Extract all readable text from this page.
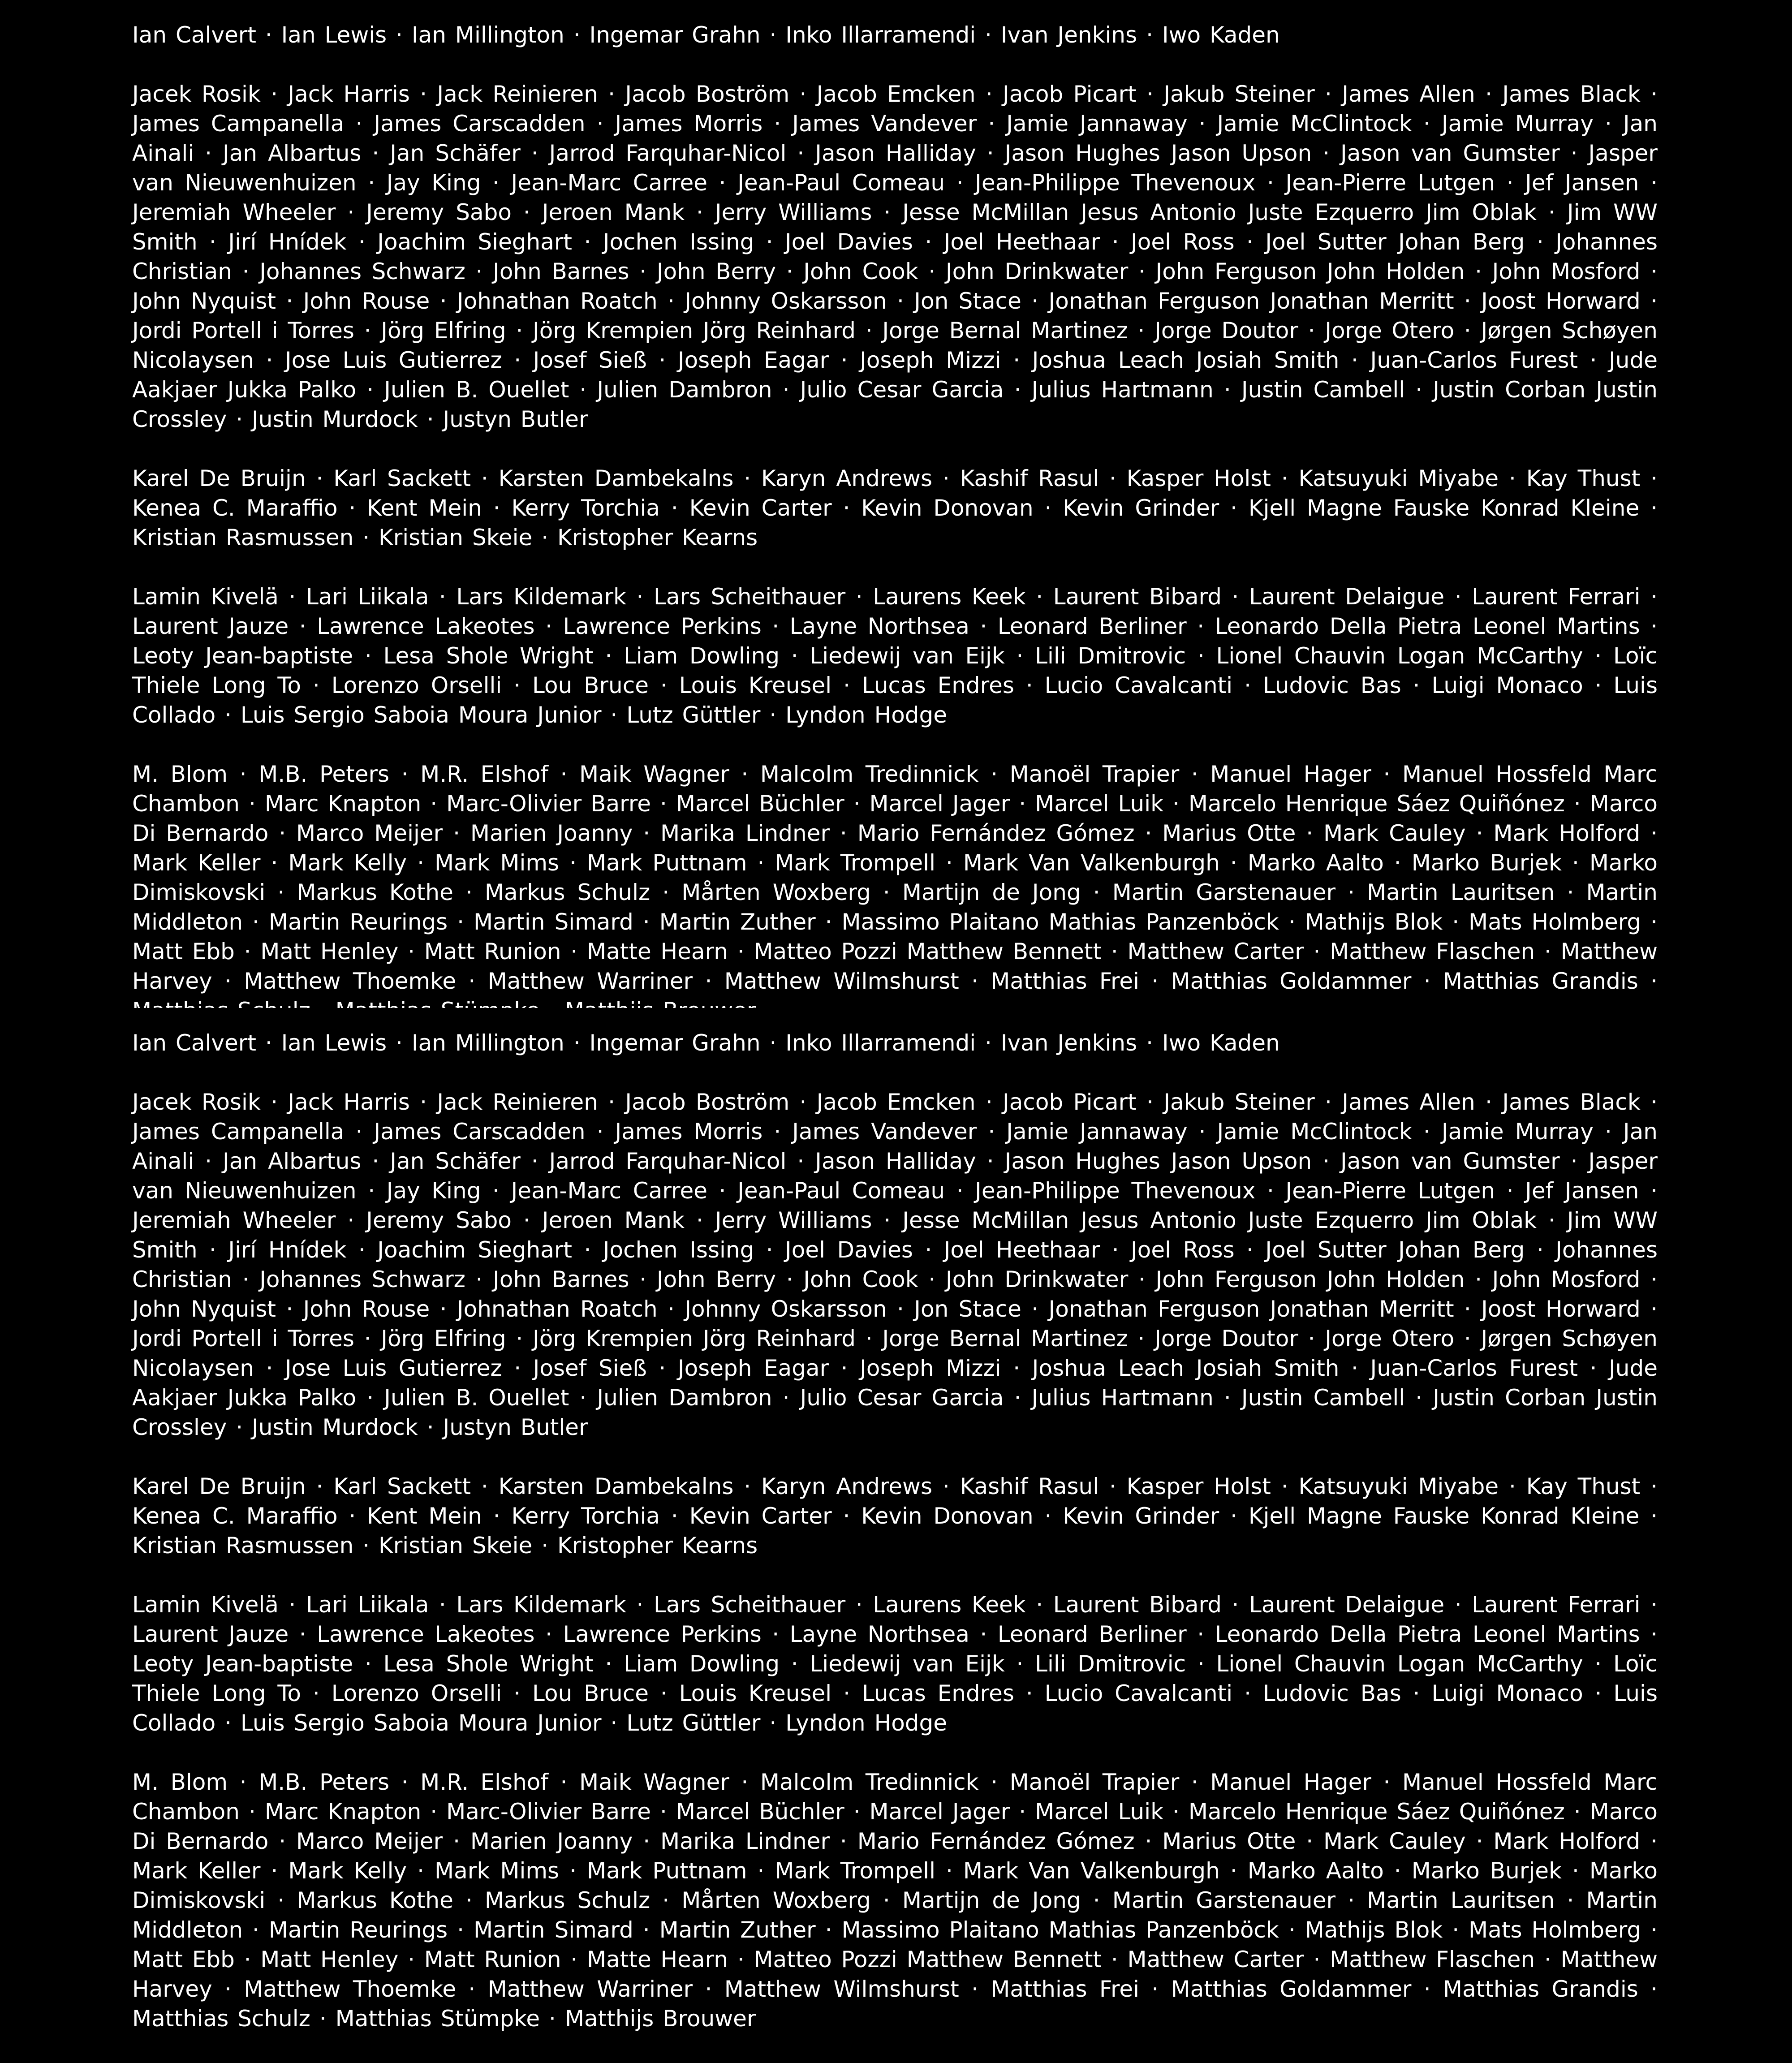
Ian Calvert · Ian Lewis · Ian Millington · Ingemar Grahn · Inko Illarramendi · Ivan Jenkins · Iwo Kaden

Jacek Rosik · Jack Harris · Jack Reinieren · Jacob Boström · Jacob Emcken · Jacob Picart · Jakub Steiner · James Allen · James Black · James Campanella · James Carscadden · James Morris · James Vandever · Jamie Jannaway · Jamie McClintock · Jamie Murray · Jan Ainali · Jan Albartus · Jan Schäfer · Jarrod Farquhar-Nicol · Jason Halliday · Jason Hughes Jason Upson · Jason van Gumster · Jasper van Nieuwenhuizen · Jay King · Jean-Marc Carree · Jean-Paul Comeau · Jean-Philippe Thevenoux · Jean-Pierre Lutgen · Jef Jansen · Jeremiah Wheeler · Jeremy Sabo · Jeroen Mank · Jerry Williams · Jesse McMillan Jesus Antonio Juste Ezquerro Jim Oblak · Jim WW Smith · Jirí Hnídek · Joachim Sieghart · Jochen Issing · Joel Davies · Joel Heethaar · Joel Ross · Joel Sutter Johan Berg · Johannes Christian · Johannes Schwarz · John Barnes · John Berry · John Cook · John Drinkwater · John Ferguson John Holden · John Mosford · John Nyquist · John Rouse · Johnathan Roatch · Johnny Oskarsson · Jon Stace · Jonathan Ferguson Jonathan Merritt · Joost Horward · Jordi Portell i Torres · Jörg Elfring · Jörg Krempien Jörg Reinhard · Jorge Bernal Martinez · Jorge Doutor · Jorge Otero · Jørgen Schøyen Nicolaysen · Jose Luis Gutierrez · Josef Sieß · Joseph Eagar · Joseph Mizzi · Joshua Leach Josiah Smith · Juan-Carlos Furest · Jude Aakjaer Jukka Palko · Julien B. Ouellet · Julien Dambron · Julio Cesar Garcia · Julius Hartmann · Justin Cambell · Justin Corban Justin Crossley · Justin Murdock · Justyn Butler

Karel De Bruijn · Karl Sackett · Karsten Dambekalns · Karyn Andrews · Kashif Rasul · Kasper Holst · Katsuyuki Miyabe · Kay Thust · Kenea C. Maraffio · Kent Mein · Kerry Torchia · Kevin Carter · Kevin Donovan · Kevin Grinder · Kjell Magne Fauske Konrad Kleine · Kristian Rasmussen · Kristian Skeie · Kristopher Kearns

Lamin Kivelä · Lari Liikala · Lars Kildemark · Lars Scheithauer · Laurens Keek · Laurent Bibard · Laurent Delaigue · Laurent Ferrari · Laurent Jauze · Lawrence Lakeotes · Lawrence Perkins · Layne Northsea · Leonard Berliner · Leonardo Della Pietra Leonel Martins · Leoty Jean-baptiste · Lesa Shole Wright · Liam Dowling · Liedewij van Eijk · Lili Dmitrovic · Lionel Chauvin Logan McCarthy · Loïc Thiele Long To · Lorenzo Orselli · Lou Bruce · Louis Kreusel · Lucas Endres · Lucio Cavalcanti · Ludovic Bas · Luigi Monaco · Luis Collado · Luis Sergio Saboia Moura Junior · Lutz Güttler · Lyndon Hodge

M. Blom · M.B. Peters · M.R. Elshof · Maik Wagner · Malcolm Tredinnick · Manoël Trapier · Manuel Hager · Manuel Hossfeld Marc Chambon · Marc Knapton · Marc-Olivier Barre · Marcel Büchler · Marcel Jager · Marcel Luik · Marcelo Henrique Sáez Quiñónez · Marco Di Bernardo · Marco Meijer · Marien Joanny · Marika Lindner · Mario Fernández Gómez · Marius Otte · Mark Cauley · Mark Holford · Mark Keller · Mark Kelly · Mark Mims · Mark Puttnam · Mark Trompell · Mark Van Valkenburgh · Marko Aalto · Marko Burjek · Marko Dimiskovski · Markus Kothe · Markus Schulz · Mårten Woxberg · Martijn de Jong · Martin Garstenauer · Martin Lauritsen · Martin Middleton · Martin Reurings · Martin Simard · Martin Zuther · Massimo Plaitano Mathias Panzenböck · Mathijs Blok · Mats Holmberg · Matt Ebb · Matt Henley · Matt Runion · Matte Hearn · Matteo Pozzi Matthew Bennett · Matthew Carter · Matthew Flaschen · Matthew Harvey · Matthew Thoemke · Matthew Warriner · Matthew Wilmshurst · Matthias Frei · Matthias Goldammer · Matthias Grandis ·

Ian Calvert · Ian Lewis · Ian Millington · Ingemar Grahn · Inko Illarramendi · Ivan Jenkins · Iwo Kaden

Jacek Rosik · Jack Harris · Jack Reinieren · Jacob Boström · Jacob Emcken · Jacob Picart · Jakub Steiner · James Allen · James Black · James Campanella · James Carscadden · James Morris · James Vandever · Jamie Jannaway · Jamie McClintock · Jamie Murray · Jan Ainali · Jan Albartus · Jan Schäfer · Jarrod Farquhar-Nicol · Jason Halliday · Jason Hughes Jason Upson · Jason van Gumster · Jasper van Nieuwenhuizen · Jay King · Jean-Marc Carree · Jean-Paul Comeau · Jean-Philippe Thevenoux · Jean-Pierre Lutgen · Jef Jansen · Jeremiah Wheeler · Jeremy Sabo · Jeroen Mank · Jerry Williams · Jesse McMillan Jesus Antonio Juste Ezquerro Jim Oblak · Jim WW Smith · Jirí Hnídek · Joachim Sieghart · Jochen Issing · Joel Davies · Joel Heethaar · Joel Ross · Joel Sutter Johan Berg · Johannes Christian · Johannes Schwarz · John Barnes · John Berry · John Cook · John Drinkwater · John Ferguson John Holden · John Mosford · John Nyquist · John Rouse · Johnathan Roatch · Johnny Oskarsson · Jon Stace · Jonathan Ferguson Jonathan Merritt · Joost Horward · Jordi Portell i Torres · Jörg Elfring · Jörg Krempien Jörg Reinhard · Jorge Bernal Martinez · Jorge Doutor · Jorge Otero · Jørgen Schøyen Nicolaysen · Jose Luis Gutierrez · Josef Sieß · Joseph Eagar · Joseph Mizzi · Joshua Leach Josiah Smith · Juan-Carlos Furest · Jude Aakjaer Jukka Palko · Julien B. Ouellet · Julien Dambron · Julio Cesar Garcia · Julius Hartmann · Justin Cambell · Justin Corban Justin Crossley · Justin Murdock · Justyn Butler

Karel De Bruijn · Karl Sackett · Karsten Dambekalns · Karyn Andrews · Kashif Rasul · Kasper Holst · Katsuyuki Miyabe · Kay Thust · Kenea C. Maraffio · Kent Mein · Kerry Torchia · Kevin Carter · Kevin Donovan · Kevin Grinder · Kjell Magne Fauske Konrad Kleine · Kristian Rasmussen · Kristian Skeie · Kristopher Kearns

Lamin Kivelä · Lari Liikala · Lars Kildemark · Lars Scheithauer · Laurens Keek · Laurent Bibard · Laurent Delaigue · Laurent Ferrari · Laurent Jauze · Lawrence Lakeotes · Lawrence Perkins · Layne Northsea · Leonard Berliner · Leonardo Della Pietra Leonel Martins · Leoty Jean-baptiste · Lesa Shole Wright · Liam Dowling · Liedewij van Eijk · Lili Dmitrovic · Lionel Chauvin Logan McCarthy · Loïc Thiele Long To · Lorenzo Orselli · Lou Bruce · Louis Kreusel · Lucas Endres · Lucio Cavalcanti · Ludovic Bas · Luigi Monaco · Luis Collado · Luis Sergio Saboia Moura Junior · Lutz Güttler · Lyndon Hodge

M. Blom · M.B. Peters · M.R. Elshof · Maik Wagner · Malcolm Tredinnick · Manoël Trapier · Manuel Hager · Manuel Hossfeld Marc Chambon · Marc Knapton · Marc-Olivier Barre · Marcel Büchler · Marcel Jager · Marcel Luik · Marcelo Henrique Sáez Quiñónez · Marco Di Bernardo · Marco Meijer · Marien Joanny · Marika Lindner · Mario Fernández Gómez · Marius Otte · Mark Cauley · Mark Holford · Mark Keller · Mark Kelly · Mark Mims · Mark Puttnam · Mark Trompell · Mark Van Valkenburgh · Marko Aalto · Marko Burjek · Marko Dimiskovski · Markus Kothe · Markus Schulz · Mårten Woxberg · Martijn de Jong · Martin Garstenauer · Martin Lauritsen · Martin Middleton · Martin Reurings · Martin Simard · Martin Zuther · Massimo Plaitano Mathias Panzenböck · Mathijs Blok · Mats Holmberg · Matt Ebb · Matt Henley · Matt Runion · Matte Hearn · Matteo Pozzi Matthew Bennett · Matthew Carter · Matthew Flaschen · Matthew Harvey · Matthew Thoemke · Matthew Warriner · Matthew Wilmshurst · Matthias Frei · Matthias Goldammer · Matthias Grandis · Matthias Schulz · Matthias Stümpke · Matthijs Brouwer
